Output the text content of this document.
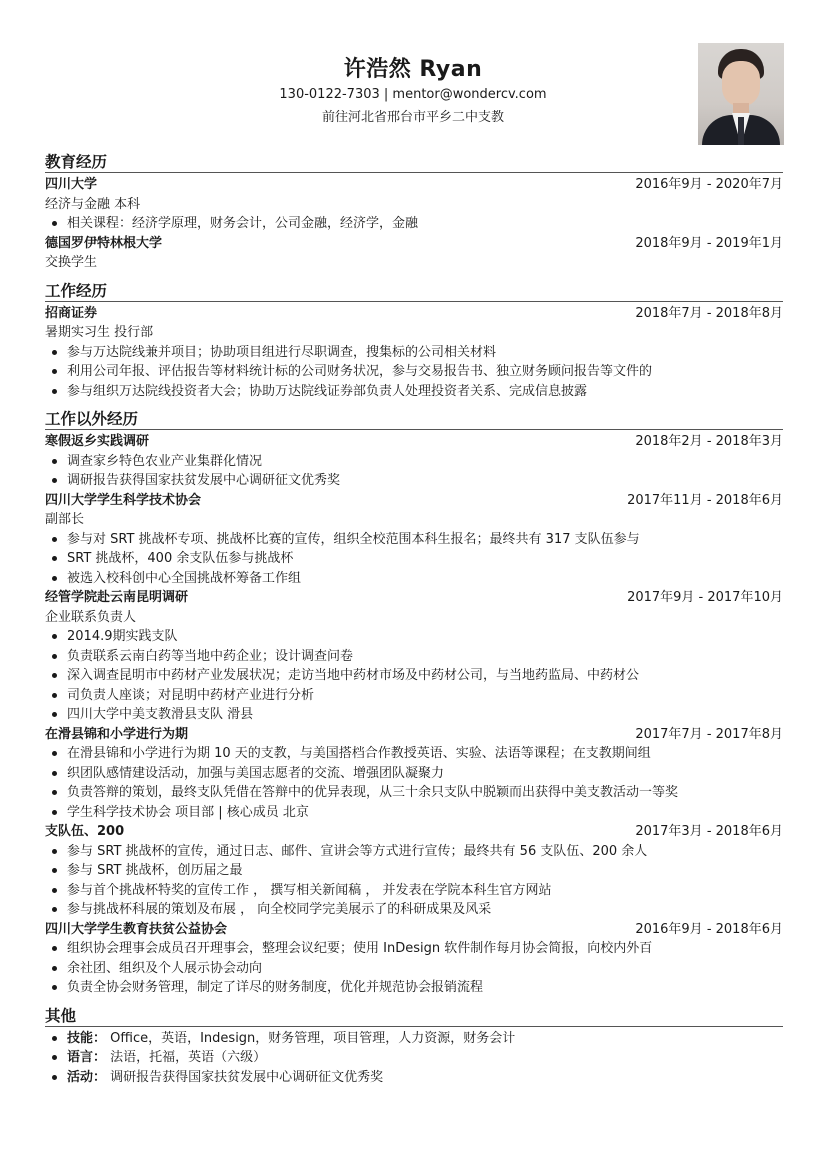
许浩然 Ryan
130-0122-7303 | mentor@wondercv.com
前往河北省邢台市平乡二中支教
教育经历
四川大学	2016年9月 - 2020年7月
经济与金融 本科
相关课程：经济学原理，财务会计，公司金融，经济学，金融
德国罗伊特林根大学	2018年9月 - 2019年1月
交换学生
工作经历
招商证券	2018年7月 - 2018年8月
暑期实习生 投行部
参与万达院线兼并项目；协助项目组进行尽职调查，搜集标的公司相关材料
利用公司年报、评估报告等材料统计标的公司财务状况，参与交易报告书、独立财务顾问报告等文件的
参与组织万达院线投资者大会；协助万达院线证券部负责人处理投资者关系、完成信息披露
工作以外经历
寒假返乡实践调研	2018年2月 - 2018年3月
调查家乡特色农业产业集群化情况
调研报告获得国家扶贫发展中心调研征文优秀奖
四川大学学生科学技术协会	2017年11月 - 2018年6月
副部长
参与对 SRT 挑战杯专项、挑战杯比赛的宣传，组织全校范围本科生报名；最终共有 317 支队伍参与
SRT 挑战杯，400 余支队伍参与挑战杯
被选入校科创中心全国挑战杯筹备工作组
经管学院赴云南昆明调研	2017年9月 - 2017年10月
企业联系负责人
2014.9期实践支队
负责联系云南白药等当地中药企业；设计调查问卷
深入调查昆明市中药材产业发展状况；走访当地中药材市场及中药材公司，与当地药监局、中药材公
司负责人座谈；对昆明中药材产业进行分析
四川大学中美支教滑县支队 滑县
在滑县锦和小学进行为期	2017年7月 - 2017年8月
在滑县锦和小学进行为期 10 天的支教，与美国搭档合作教授英语、实验、法语等课程；在支教期间组
织团队感情建设活动，加强与美国志愿者的交流、增强团队凝聚力
负责答辩的策划，最终支队凭借在答辩中的优异表现，从三十余只支队中脱颖而出获得中美支教活动一等奖
学生科学技术协会 项目部 | 核心成员 北京
支队伍、200	2017年3月 - 2018年6月
参与 SRT 挑战杯的宣传，通过日志、邮件、宣讲会等方式进行宣传；最终共有 56 支队伍、200 余人
参与 SRT 挑战杯，创历届之最
参与首个挑战杯特奖的宣传工作 ， 撰写相关新闻稿 ， 并发表在学院本科生官方网站
参与挑战杯科展的策划及布展 ， 向全校同学完美展示了的科研成果及风采
四川大学学生教育扶贫公益协会	2016年9月 - 2018年6月
组织协会理事会成员召开理事会，整理会议纪要；使用 InDesign 软件制作每月协会简报，向校内外百
余社团、组织及个人展示协会动向
负责全协会财务管理，制定了详尽的财务制度，优化并规范协会报销流程
其他
技能： Office，英语，Indesign，财务管理，项目管理，人力资源，财务会计
语言： 法语，托福，英语（六级）
活动： 调研报告获得国家扶贫发展中心调研征文优秀奖
